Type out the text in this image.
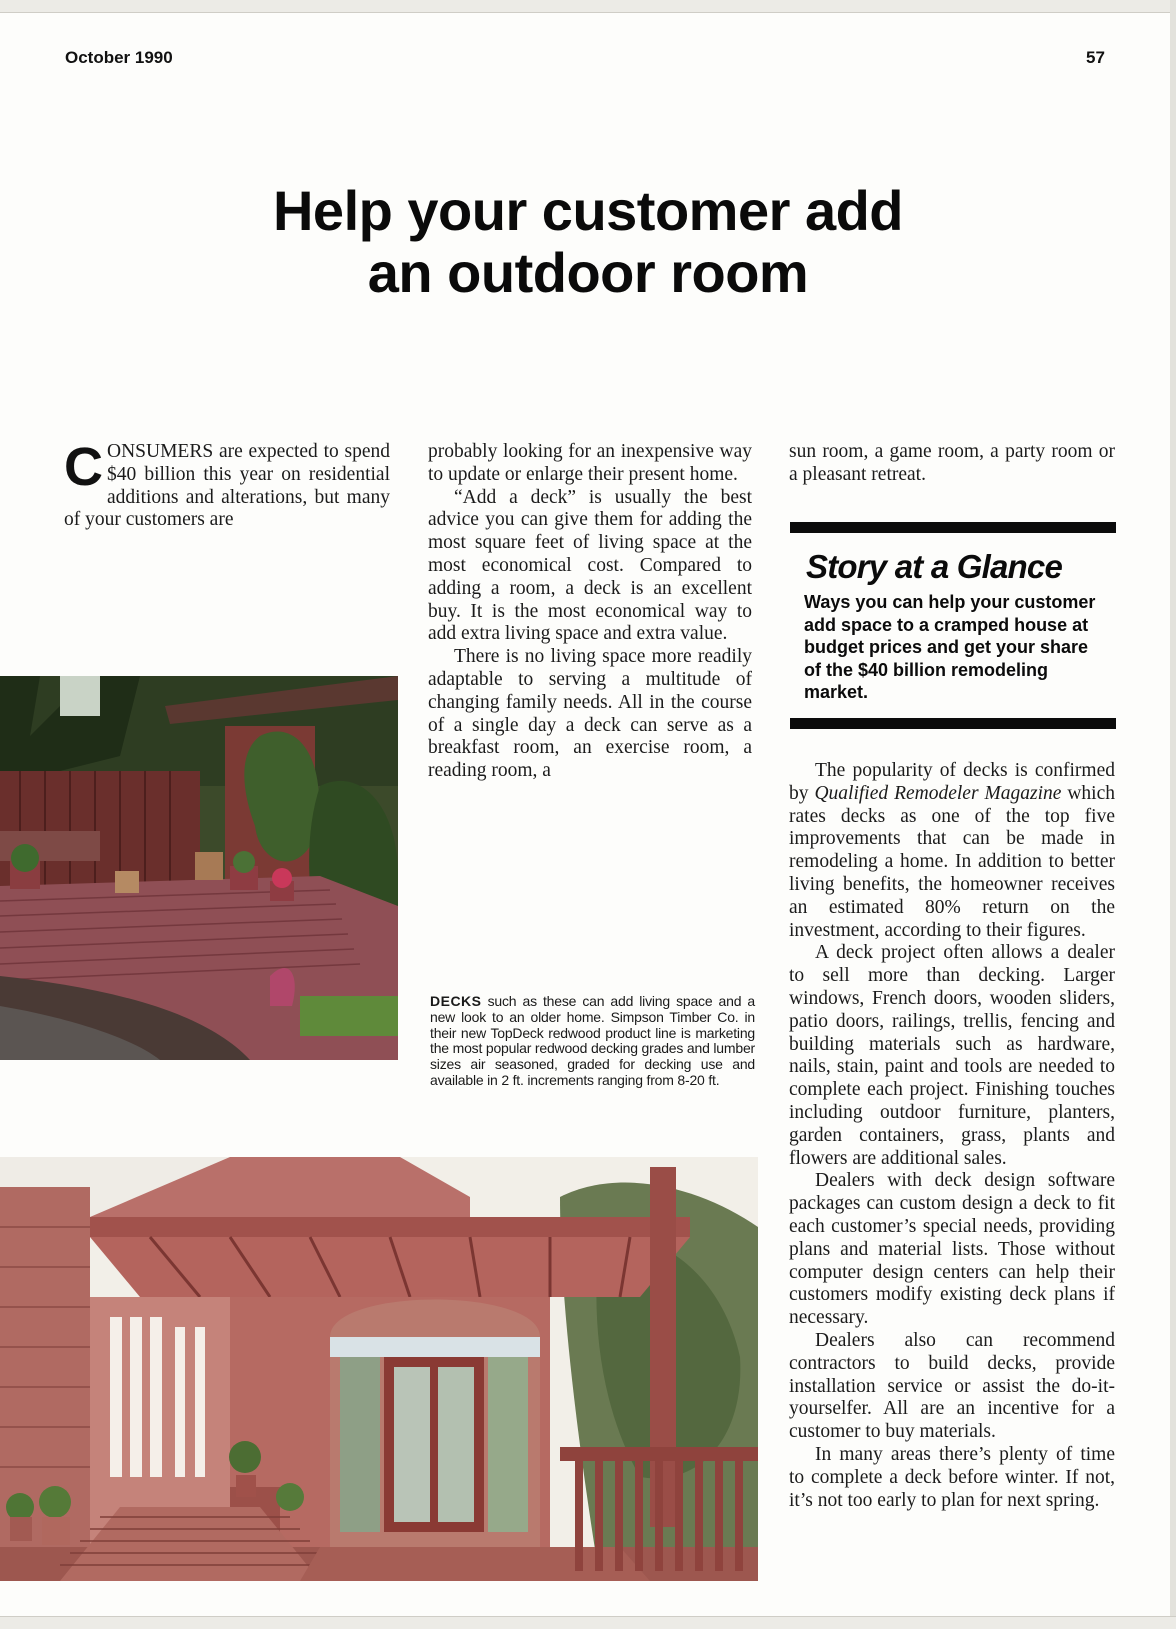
October 1990	57
Help your customer add
an outdoor room
C ONSUMERS are expected to spend $40 billion this year on residential additions and alterations, but many of your customers are

probably looking for an inexpensive way to update or enlarge their present home.

“Add a deck” is usually the best advice you can give them for adding the most square feet of living space at the most economical cost. Compared to adding a room, a deck is an excellent buy. It is the most economical way to add extra living space and extra value.

There is no living space more readily adaptable to serving a multitude of changing family needs. All in the course of a single day a deck can serve as a breakfast room, an exercise room, a reading room, a

DECKS such as these can add living space and a new look to an older home. Simpson Timber Co. in their new TopDeck redwood product line is marketing the most popular redwood decking grades and lumber sizes air seasoned, graded for decking use and available in 2 ft. increments ranging from 8-20 ft.

sun room, a game room, a party room or a pleasant retreat.

Story at a Glance
Ways you can help your customer add space to a cramped house at budget prices and get your share of the $40 billion remodeling market.

The popularity of decks is confirmed by Qualified Remodeler Magazine which rates decks as one of the top five improvements that can be made in remodeling a home. In addition to better living benefits, the homeowner receives an estimated 80% return on the investment, according to their figures.

A deck project often allows a dealer to sell more than decking. Larger windows, French doors, wooden sliders, patio doors, railings, trellis, fencing and building materials such as hardware, nails, stain, paint and tools are needed to complete each project. Finishing touches including outdoor furniture, planters, garden containers, grass, plants and flowers are additional sales.

Dealers with deck design software packages can custom design a deck to fit each customer’s special needs, providing plans and material lists. Those without computer design centers can help their customers modify existing deck plans if necessary.

Dealers also can recommend contractors to build decks, provide installation service or assist the do-it-yourselfer. All are an incentive for a customer to buy materials.

In many areas there’s plenty of time to complete a deck before winter. If not, it’s not too early to plan for next spring.
